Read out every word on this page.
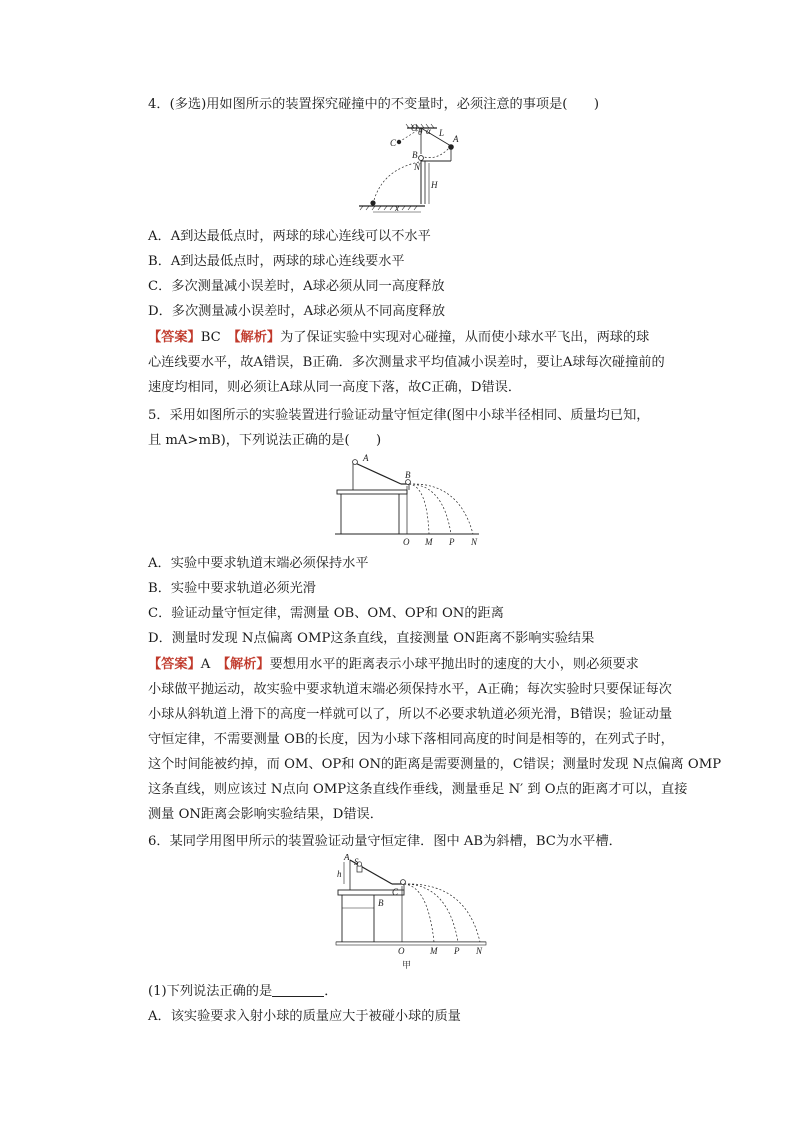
4．(多选)用如图所示的装置探究碰撞中的不变量时，必须注意的事项是(　　)
O θ α L
A
C
B
N
H
x
A．A到达最低点时，两球的球心连线可以不水平
B．A到达最低点时，两球的球心连线要水平
C．多次测量减小误差时，A球必须从同一高度释放
D．多次测量减小误差时，A球必须从不同高度释放
【答案】BC　 【解析】为了保证实验中实现对心碰撞，从而使小球水平飞出，两球的球
心连线要水平，故A错误，B正确．多次测量求平均值减小误差时，要让A球每次碰撞前的
速度均相同，则必须让A球从同一高度下落，故C正确，D错误．
5．采用如图所示的实验装置进行验证动量守恒定律(图中小球半径相同、质量均已知，
且 mA>mB)，下列说法正确的是(　　)
A
B
O M P N
A．实验中要求轨道末端必须保持水平
B．实验中要求轨道必须光滑
C．验证动量守恒定律，需测量 OB、OM、OP和 ON的距离
D．测量时发现 N点偏离 OMP这条直线，直接测量 ON距离不影响实验结果
【答案】A　 【解析】要想用水平的距离表示小球平抛出时的速度的大小，则必须要求
小球做平抛运动，故实验中要求轨道末端必须保持水平，A正确；每次实验时只要保证每次
小球从斜轨道上滑下的高度一样就可以了，所以不必要求轨道必须光滑，B错误；验证动量
守恒定律，不需要测量 OB的长度，因为小球下落相同高度的时间是相等的，在列式子时，
这个时间能被约掉，而 OM、OP和 ON的距离是需要测量的，C错误；测量时发现 N点偏离 OMP
这条直线，则应该过 N点向 OMP这条直线作垂线，测量垂足 N′ 到 O点的距离才可以，直接
测量 ON距离会影响实验结果，D错误．
6．某同学用图甲所示的装置验证动量守恒定律．图中 AB为斜槽，BC为水平槽．
A S
h
B
C
O	M P N
甲
(1)下列说法正确的是	．
A．该实验要求入射小球的质量应大于被碰小球的质量
